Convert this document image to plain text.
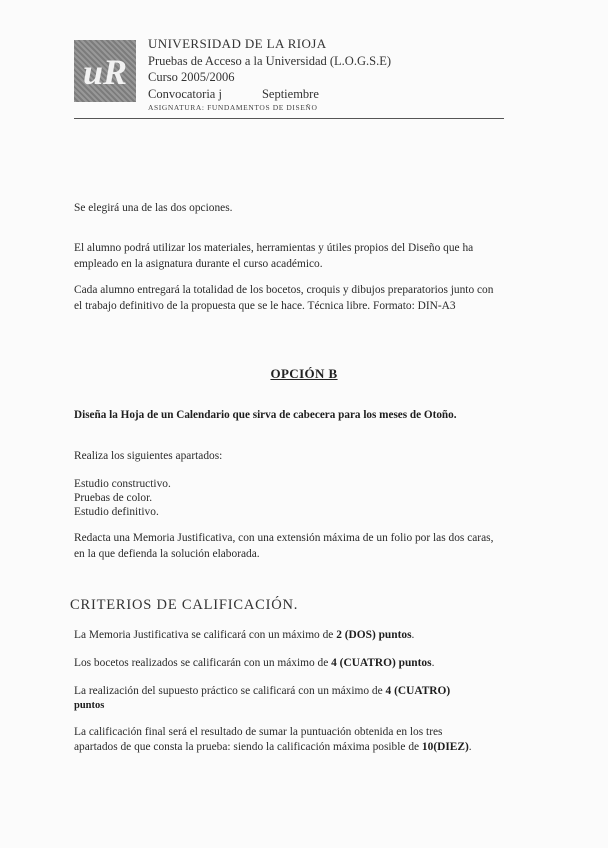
uR
UNIVERSIDAD DE LA RIOJA
Pruebas de Acceso a la Universidad (L.O.G.S.E)
Curso 2005/2006
Convocatoria j	Septiembre
ASIGNATURA: FUNDAMENTOS DE DISEÑO
Se elegirá una de las dos opciones.
El alumno podrá utilizar los materiales, herramientas y útiles propios del Diseño que ha empleado en la asignatura durante el curso académico.
Cada alumno entregará la totalidad de los bocetos, croquis y dibujos preparatorios junto con el trabajo definitivo de la propuesta que se le hace. Técnica libre. Formato: DIN-A3
OPCIÓN B
Diseña la Hoja de un Calendario que sirva de cabecera para los meses de Otoño.
Realiza los siguientes apartados:
Estudio constructivo.
Pruebas de color.
Estudio definitivo.
Redacta una Memoria Justificativa, con una extensión máxima de un folio por las dos caras, en la que defienda la solución elaborada.
CRITERIOS DE CALIFICACIÓN.
La Memoria Justificativa se calificará con un máximo de 2 (DOS) puntos.
Los bocetos realizados se calificarán con un máximo de 4 (CUATRO) puntos.
La realización del supuesto práctico se calificará con un máximo de 4 (CUATRO)
puntos
La calificación final será el resultado de sumar la puntuación obtenida en los tres
apartados de que consta la prueba: siendo la calificación máxima posible de 10(DIEZ).
